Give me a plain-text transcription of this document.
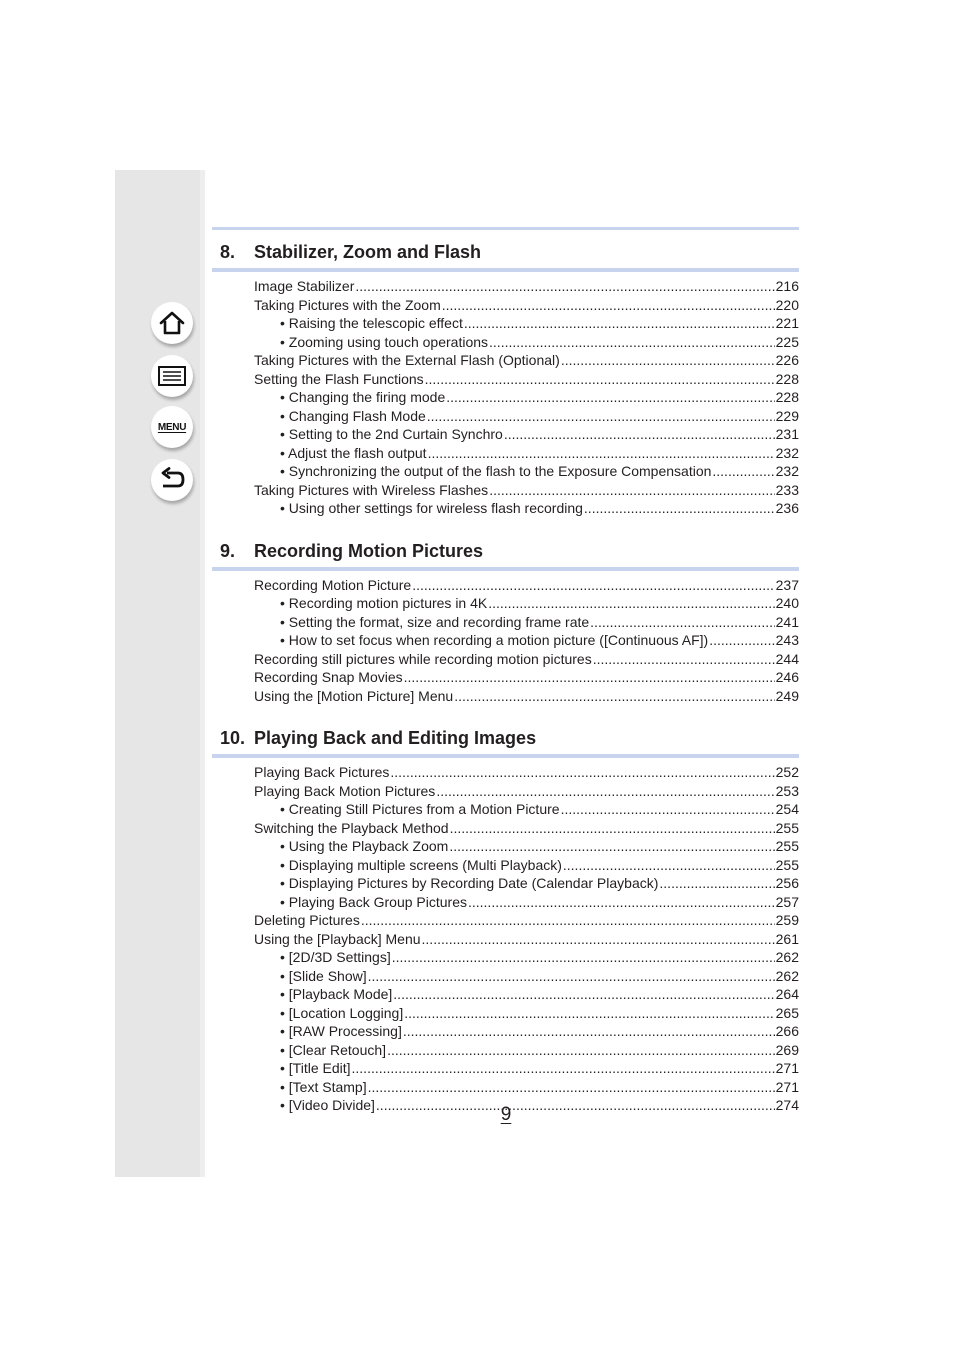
MENU
8. Stabilizer, Zoom and Flash
Image Stabilizer .....	216
Taking Pictures with the Zoom .....	220
• Raising the telescopic effect .....	221
• Zooming using touch operations .....	225
Taking Pictures with the External Flash (Optional) .....	226
Setting the Flash Functions .....	228
• Changing the firing mode .....	228
• Changing Flash Mode .....	229
• Setting to the 2nd Curtain Synchro .....	231
• Adjust the flash output .....	232
• Synchronizing the output of the flash to the Exposure Compensation .....	232
Taking Pictures with Wireless Flashes .....	233
• Using other settings for wireless flash recording .....	236
9. Recording Motion Pictures
Recording Motion Picture .....	237
• Recording motion pictures in 4K .....	240
• Setting the format, size and recording frame rate .....	241
• How to set focus when recording a motion picture ([Continuous AF]) .....	243
Recording still pictures while recording motion pictures .....	244
Recording Snap Movies .....	246
Using the [Motion Picture] Menu .....	249
10. Playing Back and Editing Images
Playing Back Pictures .....	252
Playing Back Motion Pictures .....	253
• Creating Still Pictures from a Motion Picture .....	254
Switching the Playback Method .....	255
• Using the Playback Zoom .....	255
• Displaying multiple screens (Multi Playback) .....	255
• Displaying Pictures by Recording Date (Calendar Playback) .....	256
• Playing Back Group Pictures .....	257
Deleting Pictures .....	259
Using the [Playback] Menu .....	261
• [2D/3D Settings] .....	262
• [Slide Show] .....	262
• [Playback Mode] .....	264
• [Location Logging] .....	265
• [RAW Processing] .....	266
• [Clear Retouch] .....	269
• [Title Edit] .....	271
• [Text Stamp] .....	271
• [Video Divide] .....	274
9
